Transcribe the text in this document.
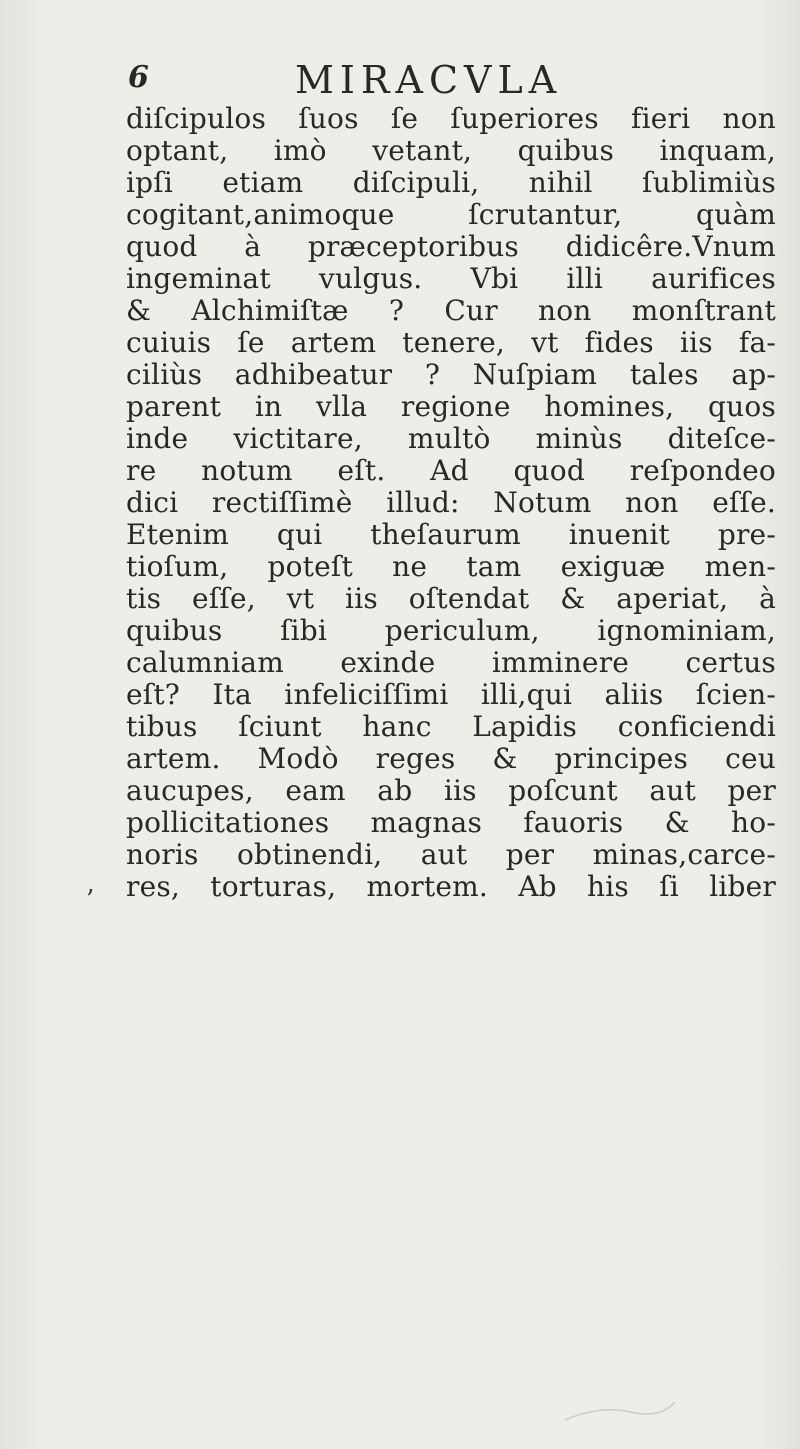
6	MIRACVLA
’
diſcipulos ſuos ſe ſuperiores fieri non
optant, imò vetant, quibus inquam,
ipſi etiam diſcipuli, nihil ſublimiùs
cogitant,animoque ſcrutantur, quàm
quod à præceptoribus didicêre.Vnum
ingeminat vulgus. Vbi illi aurifices
& Alchimiſtæ ? Cur non monſtrant
cuiuis ſe artem tenere, vt fides iis fa-
ciliùs adhibeatur ? Nuſpiam tales ap-
parent in vlla regione homines, quos
inde victitare, multò minùs diteſce-
re notum eſt. Ad quod reſpondeo
dici rectiſſimè illud: Notum non eſſe.
Etenim qui theſaurum inuenit pre-
tioſum, poteſt ne tam exiguæ men-
tis eſſe, vt iis oſtendat & aperiat, à
quibus ſibi periculum, ignominiam,
calumniam exinde imminere certus
eſt? Ita infeliciſſimi illi,qui aliis ſcien-
tibus ſciunt hanc Lapidis conficiendi
artem. Modò reges & principes ceu
aucupes, eam ab iis poſcunt aut per
pollicitationes magnas fauoris & ho-
noris obtinendi, aut per minas,carce-
res, torturas, mortem. Ab his ſi liber
